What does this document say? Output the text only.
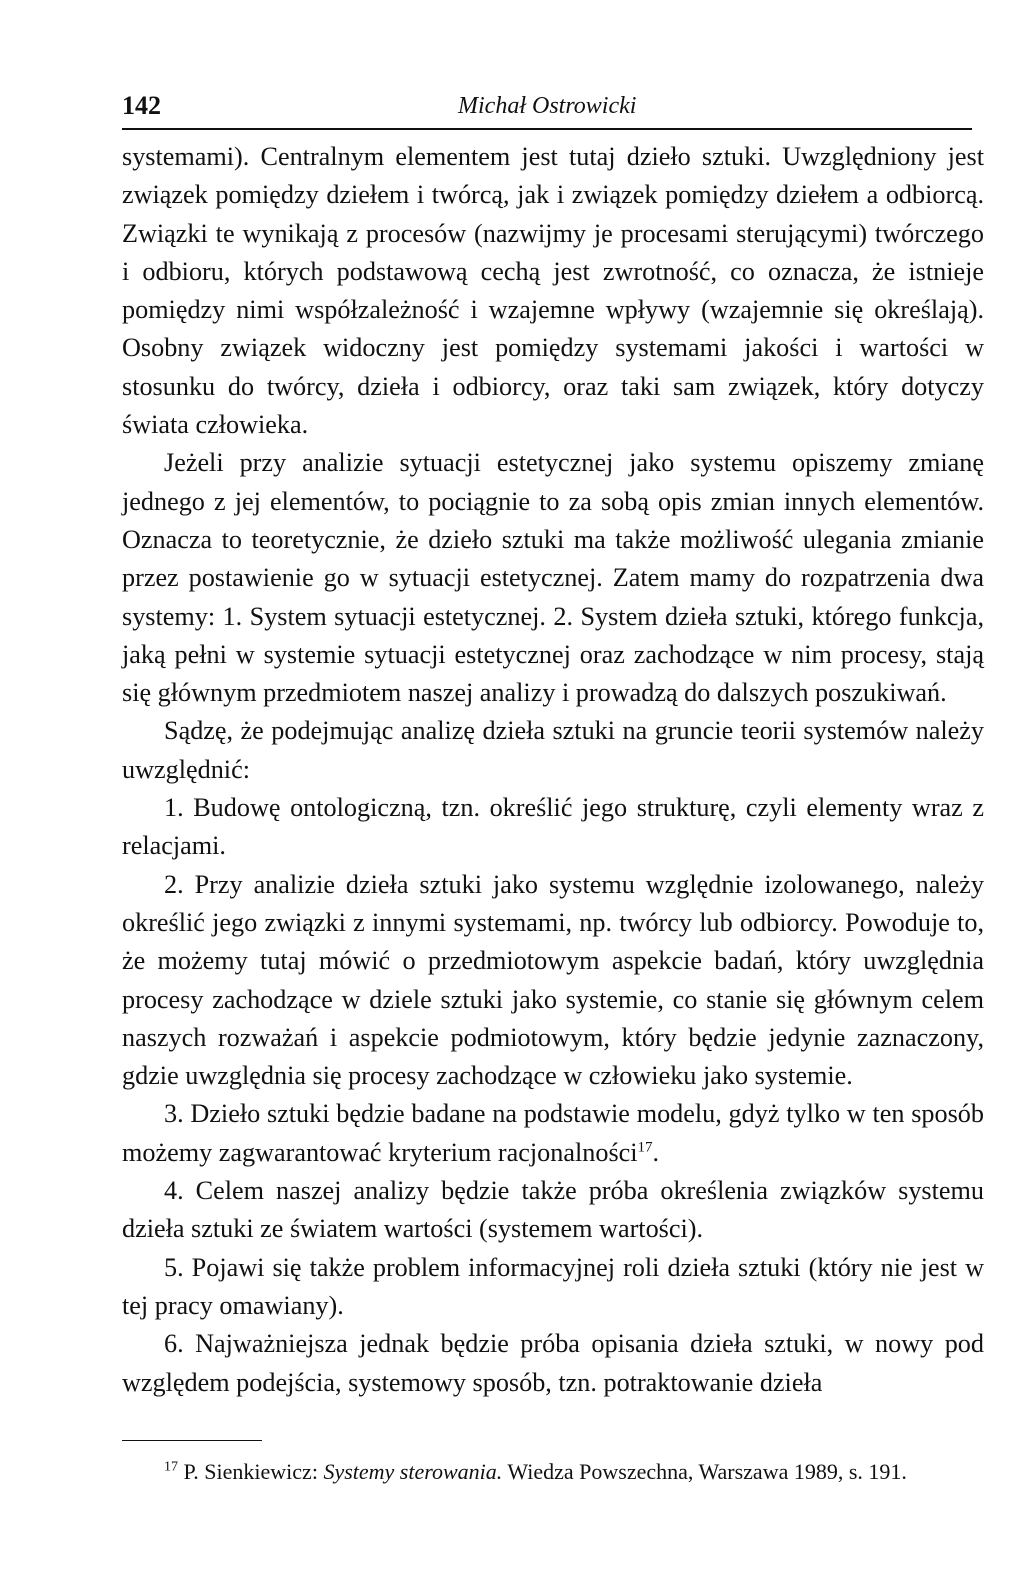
142	Michał Ostrowicki

systemami). Centralnym elementem jest tutaj dzieło sztuki. Uwzględniony jest związek pomiędzy dziełem i twórcą, jak i związek pomiędzy dziełem a odbiorcą. Związki te wynikają z procesów (nazwijmy je procesami sterującymi) twórczego i odbioru, których podstawową cechą jest zwrotność, co oznacza, że istnieje pomiędzy nimi współzależność i wzajemne wpływy (wzajemnie się określają). Osobny związek widoczny jest pomiędzy systemami jakości i wartości w stosunku do twórcy, dzieła i odbiorcy, oraz taki sam związek, który dotyczy świata człowieka.

Jeżeli przy analizie sytuacji estetycznej jako systemu opiszemy zmianę jednego z jej elementów, to pociągnie to za sobą opis zmian innych elementów. Oznacza to teoretycznie, że dzieło sztuki ma także możliwość ulegania zmianie przez postawienie go w sytuacji estetycznej. Zatem mamy do rozpatrzenia dwa systemy: 1. System sytuacji estetycznej. 2. System dzieła sztuki, którego funkcja, jaką pełni w systemie sytuacji estetycznej oraz zachodzące w nim procesy, stają się głównym przedmiotem naszej analizy i prowadzą do dalszych poszukiwań.

Sądzę, że podejmując analizę dzieła sztuki na gruncie teorii systemów należy uwzględnić:

1. Budowę ontologiczną, tzn. określić jego strukturę, czyli elementy wraz z relacjami.

2. Przy analizie dzieła sztuki jako systemu względnie izolowanego, należy określić jego związki z innymi systemami, np. twórcy lub odbiorcy. Powoduje to, że możemy tutaj mówić o przedmiotowym aspekcie badań, który uwzględnia procesy zachodzące w dziele sztuki jako systemie, co stanie się głównym celem naszych rozważań i aspekcie podmiotowym, który będzie jedynie zaznaczony, gdzie uwzględnia się procesy zachodzące w człowieku jako systemie.

3. Dzieło sztuki będzie badane na podstawie modelu, gdyż tylko w ten sposób możemy zagwarantować kryterium racjonalności$^{17}$.

4. Celem naszej analizy będzie także próba określenia związków systemu dzieła sztuki ze światem wartości (systemem wartości).

5. Pojawi się także problem informacyjnej roli dzieła sztuki (który nie jest w tej pracy omawiany).

6. Najważniejsza jednak będzie próba opisania dzieła sztuki, w nowy pod względem podejścia, systemowy sposób, tzn. potraktowanie dzieła

$^{17}$ P. Sienkiewicz: Systemy sterowania. Wiedza Powszechna, Warszawa 1989, s. 191.
